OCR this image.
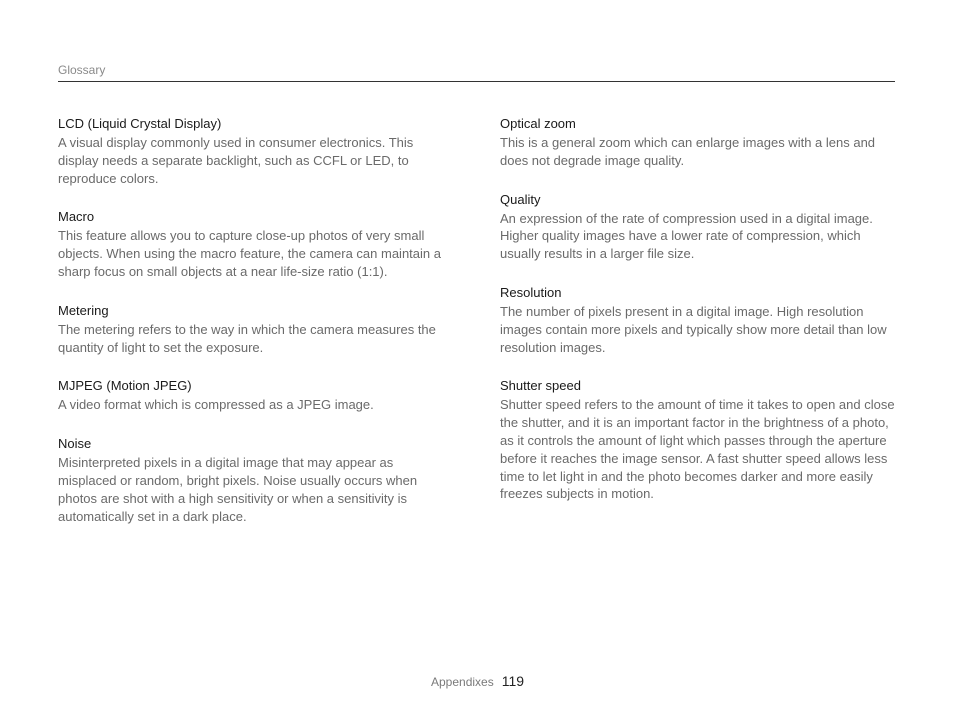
Glossary

LCD (Liquid Crystal Display)

A visual display commonly used in consumer electronics. This display needs a separate backlight, such as CCFL or LED, to reproduce colors.

Macro

This feature allows you to capture close-up photos of very small objects. When using the macro feature, the camera can maintain a sharp focus on small objects at a near life-size ratio (1:1).

Metering

The metering refers to the way in which the camera measures the quantity of light to set the exposure.

MJPEG (Motion JPEG)

A video format which is compressed as a JPEG image.

Noise

Misinterpreted pixels in a digital image that may appear as misplaced or random, bright pixels. Noise usually occurs when photos are shot with a high sensitivity or when a sensitivity is automatically set in a dark place.

Optical zoom

This is a general zoom which can enlarge images with a lens and does not degrade image quality.

Quality

An expression of the rate of compression used in a digital image. Higher quality images have a lower rate of compression, which usually results in a larger file size.

Resolution

The number of pixels present in a digital image. High resolution images contain more pixels and typically show more detail than low resolution images.

Shutter speed

Shutter speed refers to the amount of time it takes to open and close the shutter, and it is an important factor in the brightness of a photo, as it controls the amount of light which passes through the aperture before it reaches the image sensor. A fast shutter speed allows less time to let light in and the photo becomes darker and more easily freezes subjects in motion.

Appendixes 119
